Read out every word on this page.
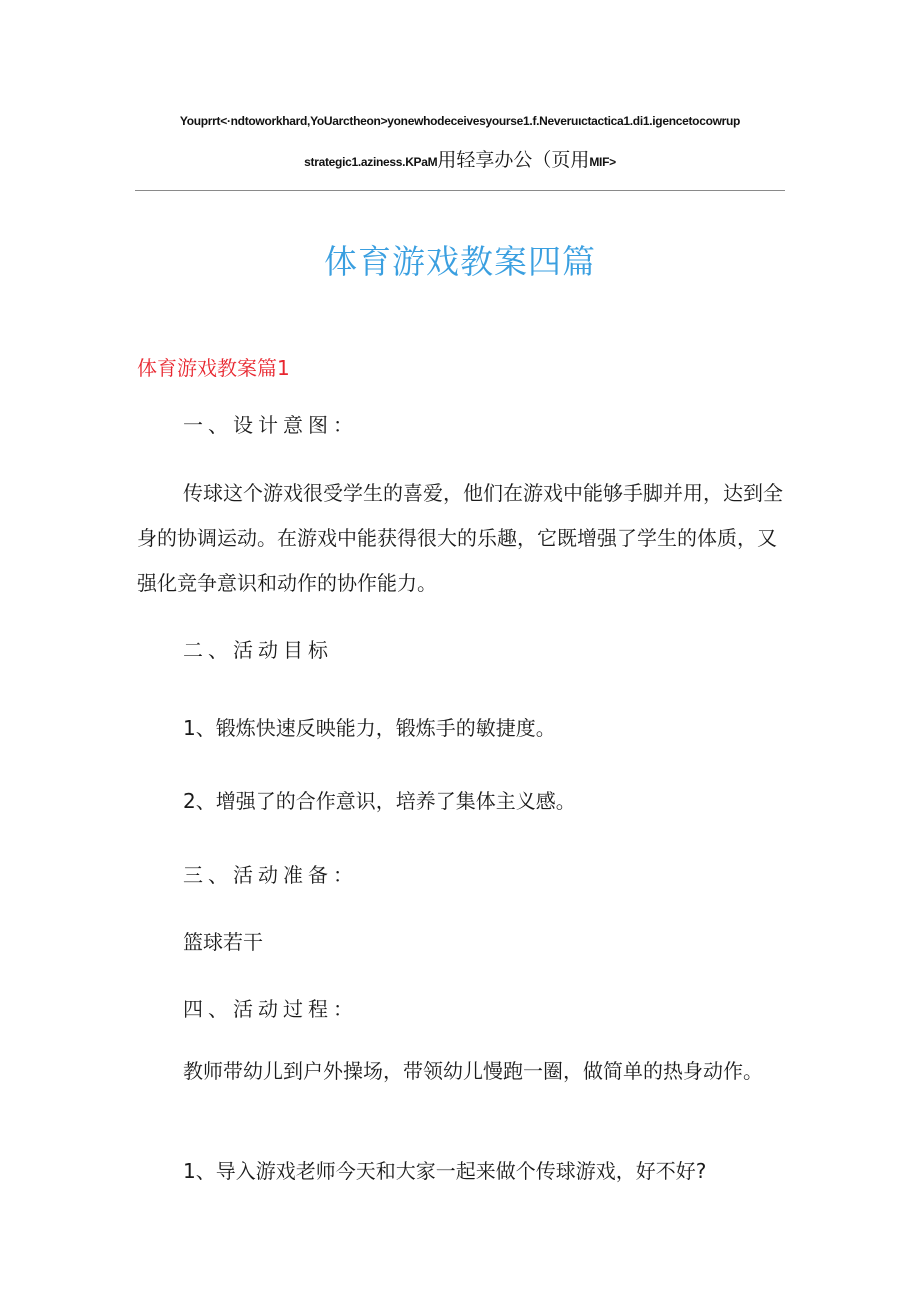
Youprrt<·ndtoworkhard,YoUarctheon>yonewhodeceivesyourse1.f.Neveruιctactica1.di1.igencetocowrup
strategic1.aziness.KPaM用轻享办公（页用MIF>
体育游戏教案四篇
体育游戏教案篇1
一、设计意图：
传球这个游戏很受学生的喜爱，他们在游戏中能够手脚并用，达到全身的协调运动。在游戏中能获得很大的乐趣，它既增强了学生的体质，又强化竞争意识和动作的协作能力。
二、活动目标
1、锻炼快速反映能力，锻炼手的敏捷度。
2、增强了的合作意识，培养了集体主义感。
三、活动准备：
篮球若干
四、活动过程：
教师带幼儿到户外操场，带领幼儿慢跑一圈，做简单的热身动作。
1、导入游戏老师今天和大家一起来做个传球游戏，好不好?
